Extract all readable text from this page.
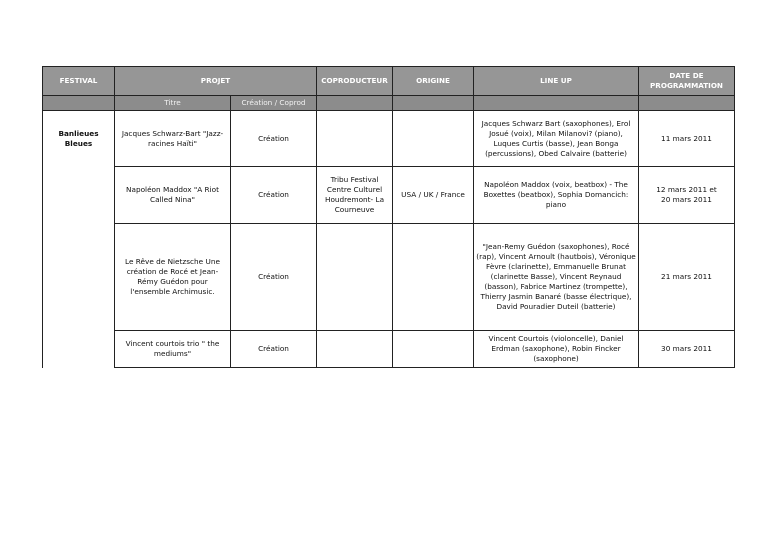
FESTIVAL	PROJET		COPRODUCTEUR	ORIGINE	LINE UP	DATE DE PROGRAMMATION

	Titre	Création / Coprod				
Banlieues Bleues	Jacques Schwarz-Bart "Jazz-racines Haïti"	Création			Jacques Schwarz Bart (saxophones), Erol Josué (voix), Milan Milanovi? (piano), Luques Curtis (basse), Jean Bonga (percussions), Obed Calvaire (batterie)	11 mars 2011
	Napoléon Maddox "A Riot Called Nina"	Création	Tribu Festival Centre Culturel Houdremont- La Courneuve	USA / UK / France	Napoléon Maddox (voix, beatbox) - The Boxettes (beatbox), Sophia Domancich: piano	12 mars 2011 et 20 mars 2011

	Le Rêve de Nietzsche Une création de Rocé et Jean-Rémy Guédon pour l'ensemble Archimusic.	Création			"Jean-Remy Guédon (saxophones), Rocé (rap), Vincent Arnoult (hautbois), Véronique Fèvre (clarinette), Emmanuelle Brunat (clarinette Basse), Vincent Reynaud (basson), Fabrice Martinez (trompette), Thierry Jasmin Banaré (basse électrique), David Pouradier Duteil (batterie)	21 mars 2011
	Vincent courtois trio " the mediums"	Création			Vincent Courtois (violoncelle), Daniel Erdman (saxophone), Robin Fincker (saxophone)	30 mars 2011
